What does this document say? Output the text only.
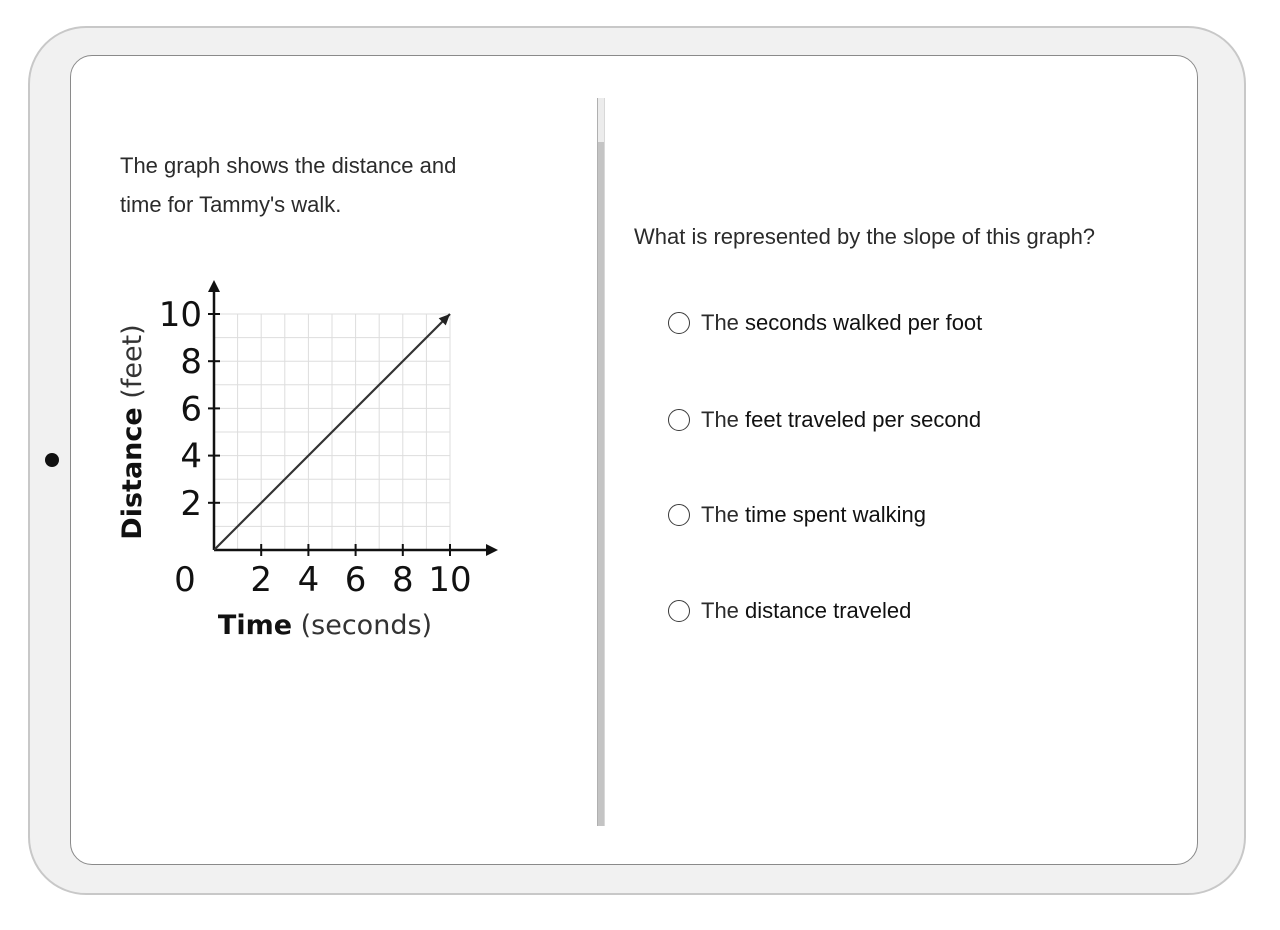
The graph shows the distance and
time for Tammy's walk.
2 4 6 8 10
2
4
6
8
10
0
Time (seconds)
Distance (feet)
What is represented by the slope of this graph?
The seconds walked per foot
The feet traveled per second
The time spent walking
The distance traveled
